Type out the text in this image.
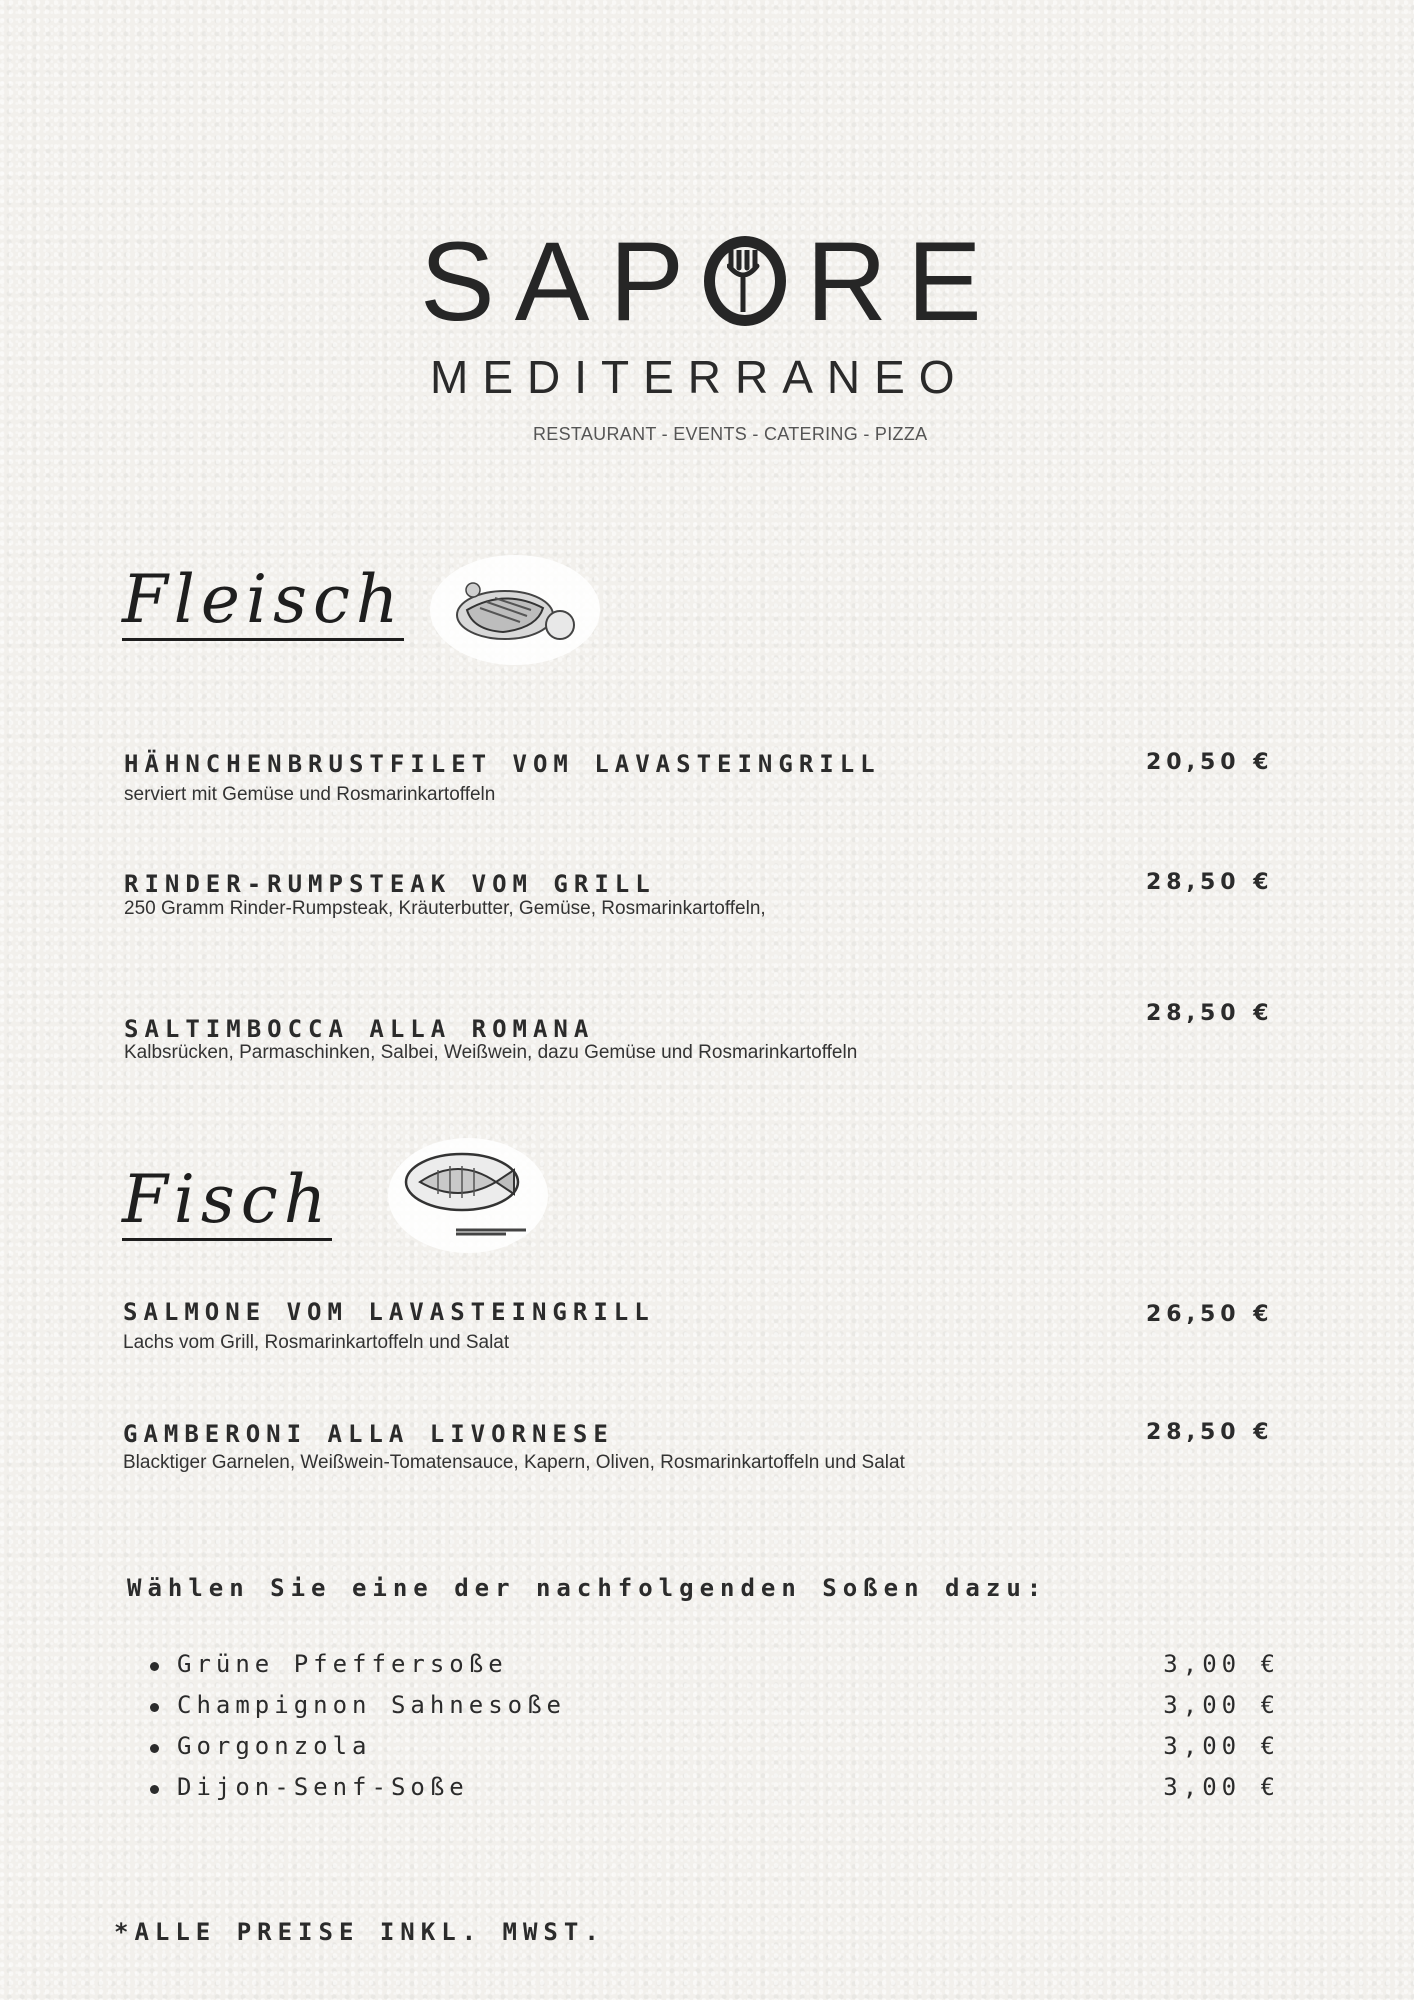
SAP RE
MEDITERRANEO
RESTAURANT - EVENTS - CATERING - PIZZA
Fleisch
HÄHNCHENBRUSTFILET VOM LAVASTEINGRILL
serviert mit Gemüse und Rosmarinkartoffeln
20,50 €
RINDER-RUMPSTEAK VOM GRILL
250 Gramm Rinder-Rumpsteak, Kräuterbutter, Gemüse, Rosmarinkartoffeln,
28,50 €
SALTIMBOCCA ALLA ROMANA
Kalbsrücken, Parmaschinken, Salbei, Weißwein, dazu Gemüse und Rosmarinkartoffeln
28,50 €
Fisch
SALMONE VOM LAVASTEINGRILL
Lachs vom Grill, Rosmarinkartoffeln und Salat
26,50 €
GAMBERONI ALLA LIVORNESE
Blacktiger Garnelen, Weißwein-Tomatensauce, Kapern, Oliven, Rosmarinkartoffeln und Salat
28,50 €
Wählen Sie eine der nachfolgenden Soßen dazu:
Grüne Pfeffersoße	3,00 €
Champignon Sahnesoße	3,00 €
Gorgonzola	3,00 €
Dijon-Senf-Soße	3,00 €
*ALLE PREISE INKL. MWST.
